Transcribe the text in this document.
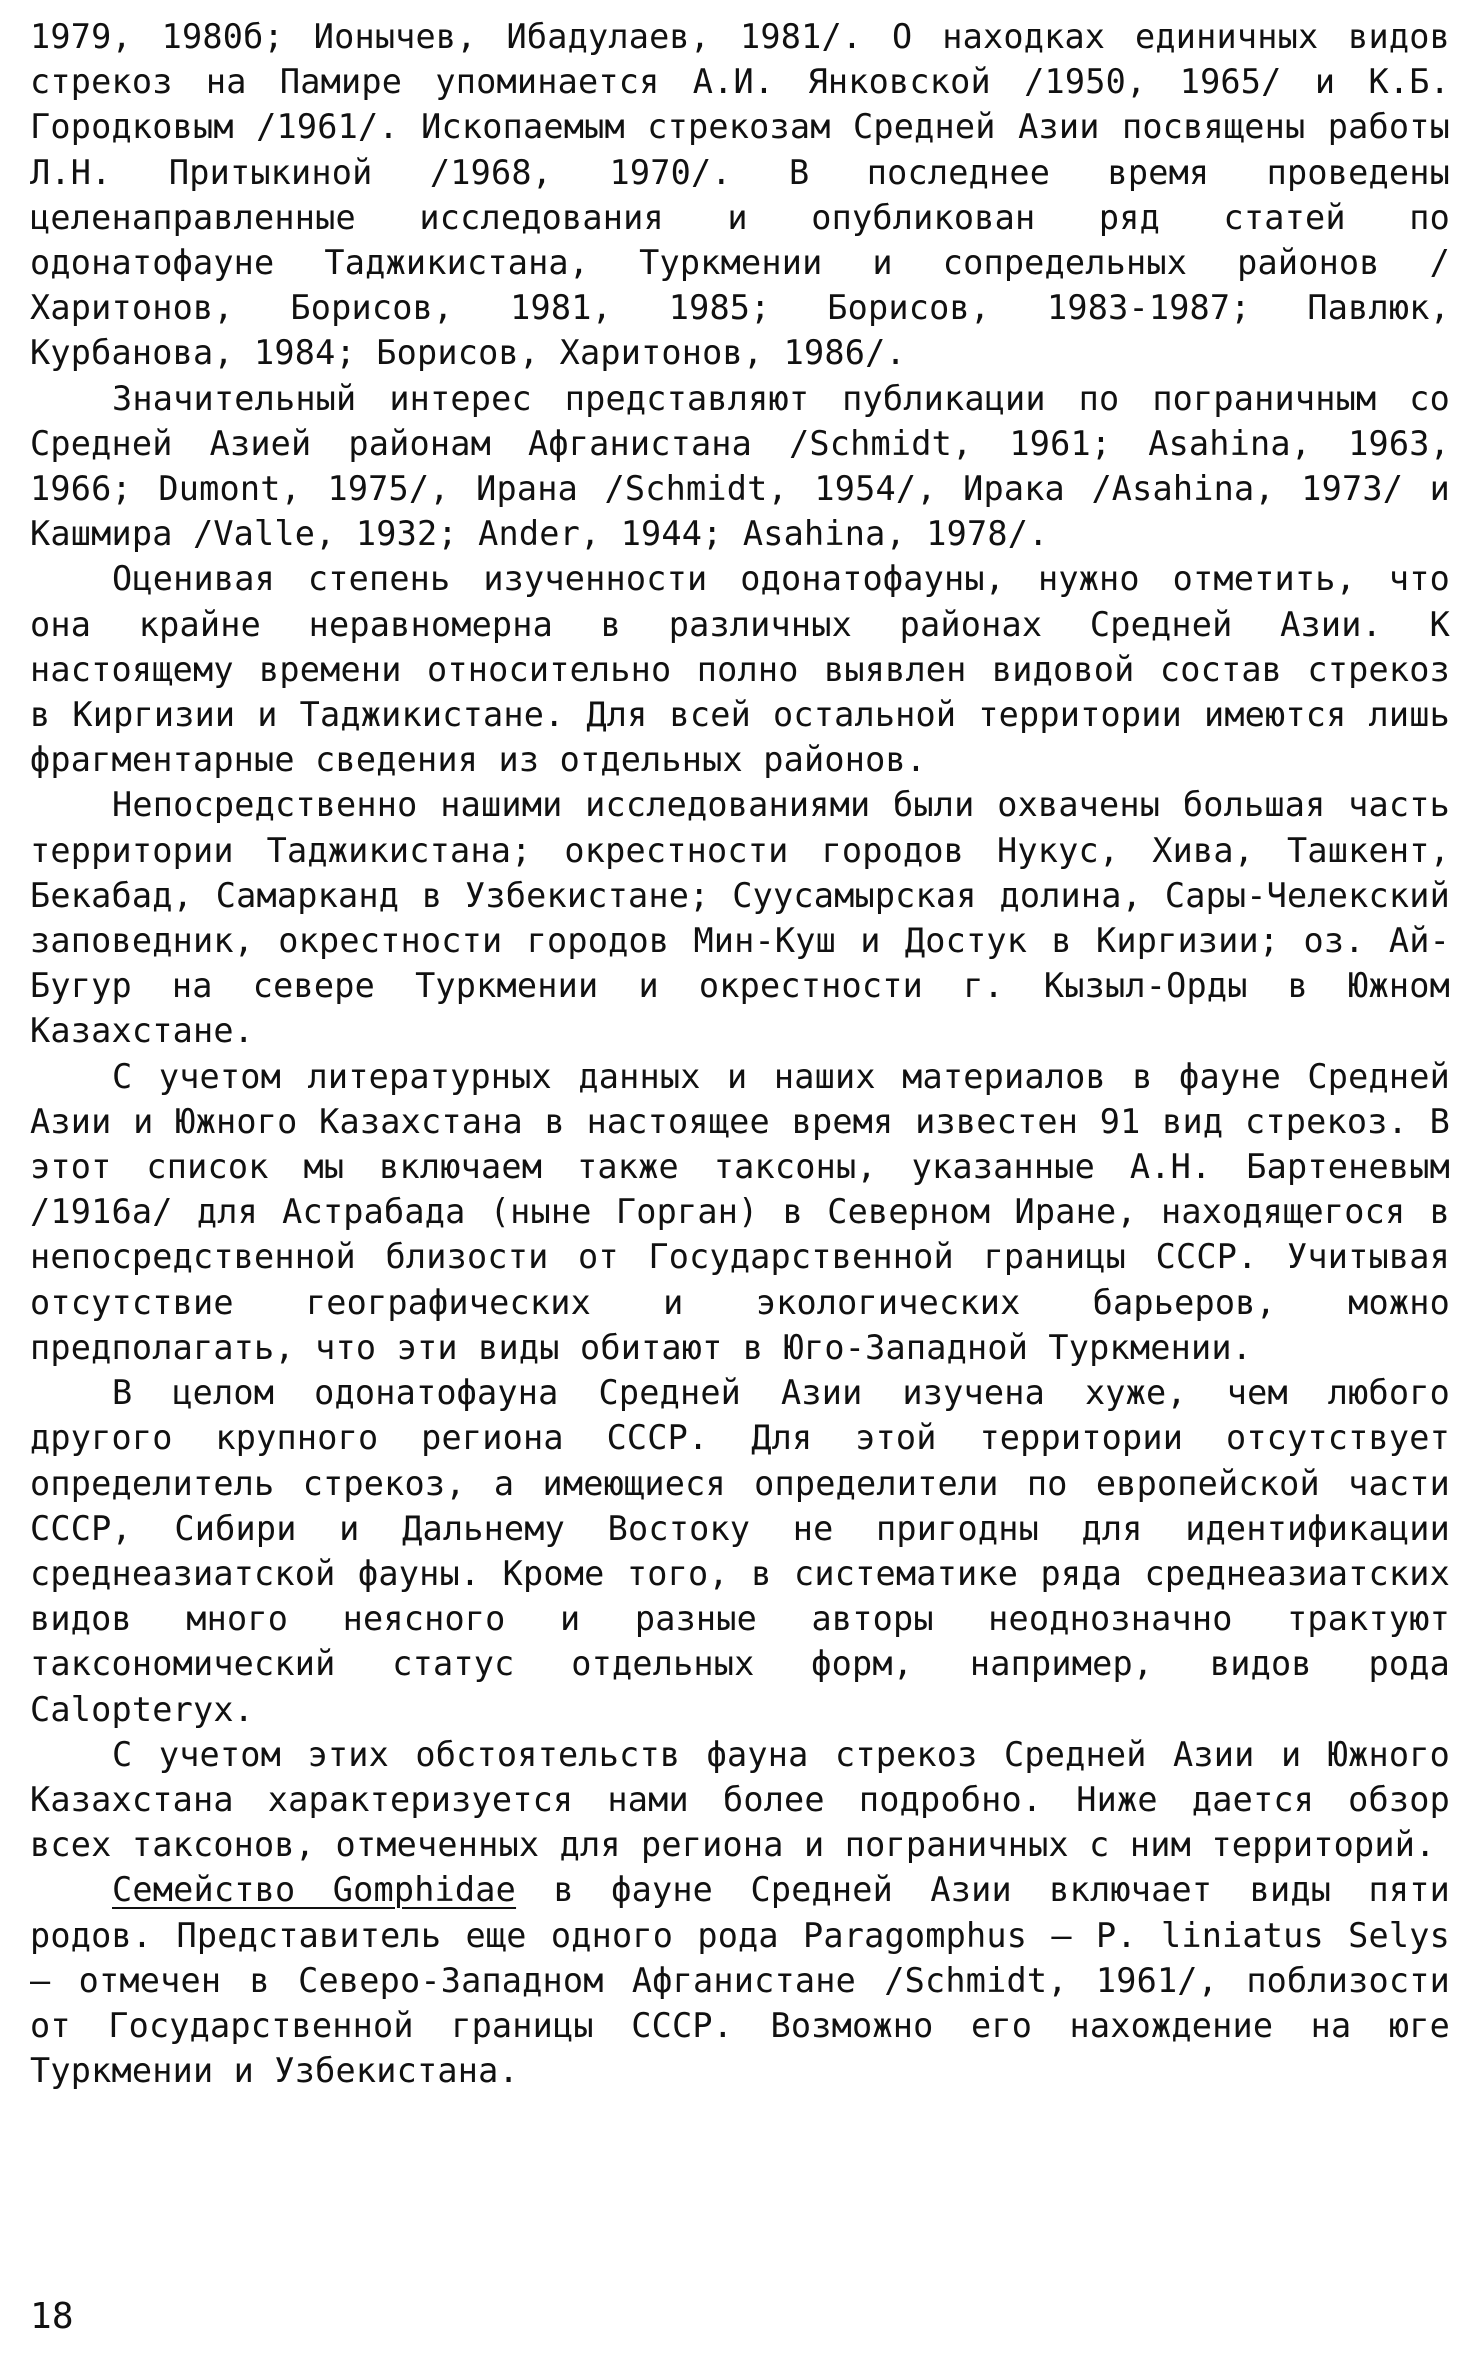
1979, 1980б; Ионычев, Ибадулаев, 1981/. О находках единичных видов стрекоз на Памире упоминается А.И. Янковской /1950, 1965/ и К.Б. Городковым /1961/. Ископаемым стрекозам Средней Азии посвящены работы Л.Н. Притыкиной /1968, 1970/. В последнее время проведены целенаправленные исследования и опубликован ряд статей по одонатофауне Таджикистана, Туркмении и сопредельных районов /Харитонов, Борисов, 1981, 1985; Борисов, 1983-1987; Павлюк, Курбанова, 1984; Борисов, Харитонов, 1986/.

Значительный интерес представляют публикации по пограничным со Средней Азией районам Афганистана /Schmidt, 1961; Asahina, 1963, 1966; Dumont, 1975/, Ирана /Schmidt, 1954/, Ирака /Asahina, 1973/ и Кашмира /Valle, 1932; Ander, 1944; Asahina, 1978/.

Оценивая степень изученности одонатофауны, нужно отметить, что она крайне неравномерна в различных районах Средней Азии. К настоящему времени относительно полно выявлен видовой состав стрекоз в Киргизии и Таджикистане. Для всей остальной территории имеются лишь фрагментарные сведения из отдельных районов.

Непосредственно нашими исследованиями были охвачены большая часть территории Таджикистана; окрестности городов Нукус, Хива, Ташкент, Бекабад, Самарканд в Узбекистане; Суусамырская долина, Сары-Челекский заповедник, окрестности городов Мин-Куш и Достук в Киргизии; оз. Ай-Бугур на севере Туркмении и окрестности г. Кызыл-Орды в Южном Казахстане.

С учетом литературных данных и наших материалов в фауне Средней Азии и Южного Казахстана в настоящее время известен 91 вид стрекоз. В этот список мы включаем также таксоны, указанные А.Н. Бартеневым /1916а/ для Астрабада (ныне Горган) в Северном Иране, находящегося в непосредственной близости от Государственной границы СССР. Учитывая отсутствие географических и экологических барьеров, можно предполагать, что эти виды обитают в Юго-Западной Туркмении.

В целом одонатофауна Средней Азии изучена хуже, чем любого другого крупного региона СССР. Для этой территории отсутствует определитель стрекоз, а имеющиеся определители по европейской части СССР, Сибири и Дальнему Востоку не пригодны для идентификации среднеазиатской фауны. Кроме того, в систематике ряда среднеазиатских видов много неясного и разные авторы неоднозначно трактуют таксономический статус отдельных форм, например, видов рода Calopteryx.

С учетом этих обстоятельств фауна стрекоз Средней Азии и Южного Казахстана характеризуется нами более подробно. Ниже дается обзор всех таксонов, отмеченных для региона и пограничных с ним территорий.

Семейство Gomphidae в фауне Средней Азии включает виды пяти родов. Представитель еще одного рода Paragomphus – P. liniatus Selys – отмечен в Северо-Западном Афганистане /Schmidt, 1961/, поблизости от Государственной границы СССР. Возможно его нахождение на юге Туркмении и Узбекистана.

18
